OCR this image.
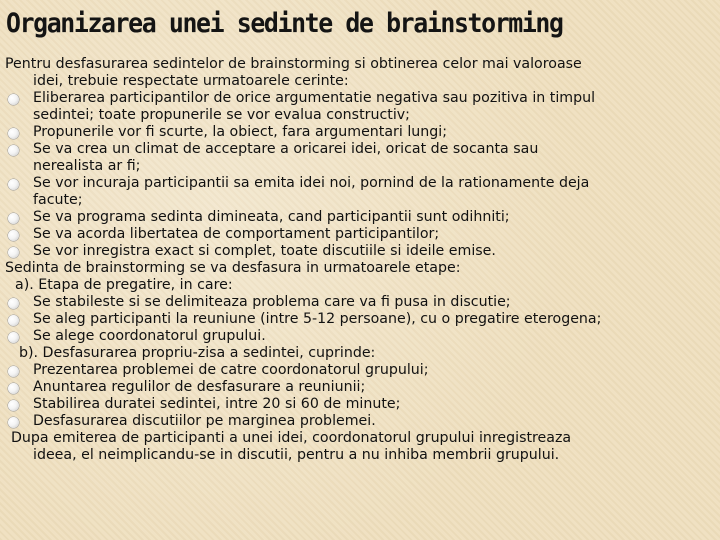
Organizarea unei sedinte de brainstorming
Pentru desfasurarea sedintelor de brainstorming si obtinerea celor mai valoroase
idei, trebuie respectate urmatoarele cerinte:
Eliberarea participantilor de orice argumentatie negativa sau pozitiva in timpul
sedintei; toate propunerile se vor evalua constructiv;
Propunerile vor fi scurte, la obiect, fara argumentari lungi;
Se va crea un climat de acceptare a oricarei idei, oricat de socanta sau
nerealista ar fi;
Se vor incuraja participantii sa emita idei noi, pornind de la rationamente deja
facute;
Se va programa sedinta dimineata, cand participantii sunt odihniti;
Se va acorda libertatea de comportament participantilor;
Se vor inregistra exact si complet, toate discutiile si ideile emise.
Sedinta de brainstorming se va desfasura in urmatoarele etape:
a). Etapa de pregatire, in care:
Se stabileste si se delimiteaza problema care va fi pusa in discutie;
Se aleg participanti la reuniune (intre 5-12 persoane), cu o pregatire eterogena;
Se alege coordonatorul grupului.
b). Desfasurarea propriu-zisa a sedintei, cuprinde:
Prezentarea problemei de catre coordonatorul grupului;
Anuntarea regulilor de desfasurare a reuniunii;
Stabilirea duratei sedintei, intre 20 si 60 de minute;
Desfasurarea discutiilor pe marginea problemei.
Dupa emiterea de participanti a unei idei, coordonatorul grupului inregistreaza
ideea, el neimplicandu-se in discutii, pentru a nu inhiba membrii grupului.
